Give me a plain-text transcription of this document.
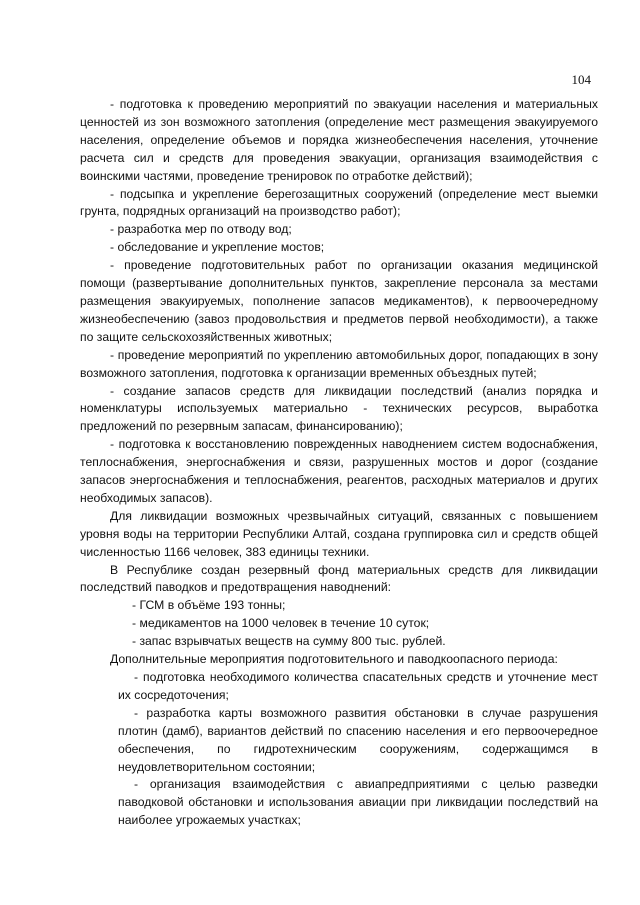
104

- подготовка к проведению мероприятий по эвакуации населения и материальных ценностей из зон возможного затопления (определение мест размещения эвакуируемого населения, определение объемов и порядка жизнеобеспечения населения, уточнение расчета сил и средств для проведения эвакуации, организация взаимодействия с воинскими частями, проведение тренировок по отработке действий);

- подсыпка и укрепление берегозащитных сооружений (определение мест выемки грунта, подрядных организаций на производство работ);

- разработка мер по отводу вод;

- обследование и укрепление мостов;

- проведение подготовительных работ по организации оказания медицинской помощи (развертывание дополнительных пунктов, закрепление персонала за местами размещения эвакуируемых, пополнение запасов медикаментов), к первоочередному жизнеобеспечению (завоз продовольствия и предметов первой необходимости), а также по защите сельскохозяйственных животных;

- проведение мероприятий по укреплению автомобильных дорог, попадающих в зону возможного затопления, подготовка к организации временных объездных путей;

- создание запасов средств для ликвидации последствий (анализ порядка и номенклатуры используемых материально - технических ресурсов, выработка предложений по резервным запасам, финансированию);

- подготовка к восстановлению поврежденных наводнением систем водоснабжения, теплоснабжения, энергоснабжения и связи, разрушенных мостов и дорог (создание запасов энергоснабжения и теплоснабжения, реагентов, расходных материалов и других необходимых запасов).

Для ликвидации возможных чрезвычайных ситуаций, связанных с повышением уровня воды на территории Республики Алтай, создана группировка сил и средств общей численностью 1166 человек, 383 единицы техники.

В Республике создан резервный фонд материальных средств для ликвидации последствий паводков и предотвращения наводнений:

- ГСМ в объёме 193 тонны;

- медикаментов на 1000 человек в течение 10 суток;

- запас взрывчатых веществ на сумму 800 тыс. рублей.

Дополнительные мероприятия подготовительного и паводкоопасного периода:

- подготовка необходимого количества спасательных средств и уточнение мест их сосредоточения;

- разработка карты возможного развития обстановки в случае разрушения плотин (дамб), вариантов действий по спасению населения и его первоочередное обеспечения, по гидротехническим сооружениям, содержащимся в неудовлетворительном состоянии;

- организация взаимодействия с авиапредприятиями с целью разведки паводковой обстановки и использования авиации при ликвидации последствий на наиболее угрожаемых участках;
